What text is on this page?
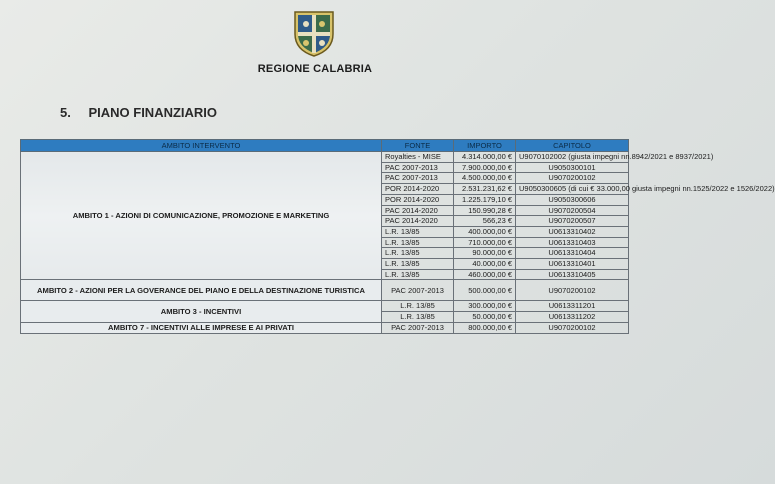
REGIONE CALABRIA
5. PIANO FINANZIARIO
AMBITO INTERVENTO	FONTE	IMPORTO	CAPITOLO
AMBITO 1 - AZIONI DI COMUNICAZIONE, PROMOZIONE E MARKETING	Royalties - MISE	4.314.000,00 €	U9070102002 (giusta impegni nn.8942/2021 e 8937/2021)
	PAC 2007-2013	7.900.000,00 €	U9050300101
	PAC 2007-2013	4.500.000,00 €	U9070200102
	POR 2014-2020	2.531.231,62 €	U9050300605 (di cui € 33.000,00 giusta impegni nn.1525/2022 e 1526/2022)
	POR 2014-2020	1.225.179,10 €	U9050300606
	PAC 2014-2020	150.990,28 €	U9070200504
	PAC 2014-2020	566,23 €	U9070200507
	L.R. 13/85	400.000,00 €	U0613310402
	L.R. 13/85	710.000,00 €	U0613310403
	L.R. 13/85	90.000,00 €	U0613310404
	L.R. 13/85	40.000,00 €	U0613310401
	L.R. 13/85	460.000,00 €	U0613310405
AMBITO 2 - AZIONI PER LA GOVERANCE DEL PIANO E DELLA DESTINAZIONE TURISTICA	PAC 2007-2013	500.000,00 €	U9070200102
AMBITO 3 - INCENTIVI	L.R. 13/85	300.000,00 €	U0613311201
	L.R. 13/85	50.000,00 €	U0613311202
AMBITO 7 - INCENTIVI ALLE IMPRESE E AI PRIVATI	PAC 2007-2013	800.000,00 €	U9070200102
